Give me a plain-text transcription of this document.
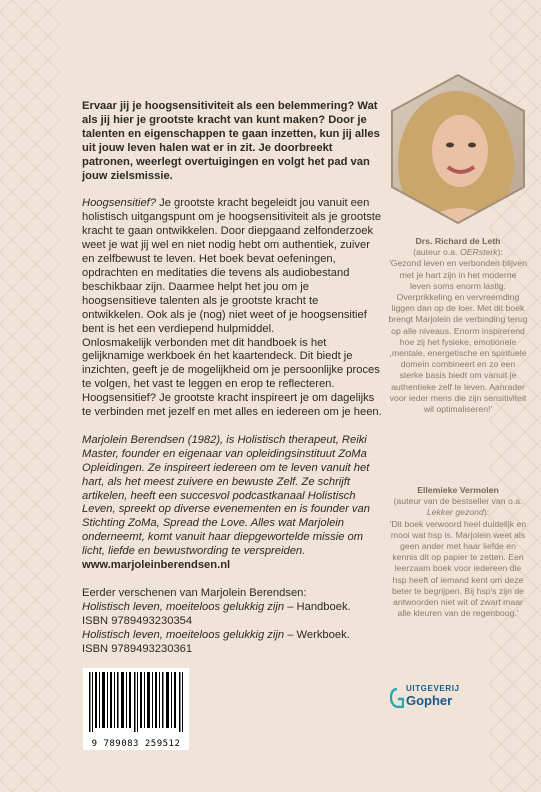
Ervaar jij je hoogsensitiviteit als een belemmering? Wat als jij hier je grootste kracht van kunt maken? Door je talenten en eigenschappen te gaan inzetten, kun jij alles uit jouw leven halen wat er in zit. Je doorbreekt patronen, weerlegt overtuigingen en volgt het pad van jouw zielsmissie.

Hoogsensitief? Je grootste kracht begeleidt jou vanuit een holistisch uitgangspunt om je hoogsensitiviteit als je grootste kracht te gaan ontwikkelen. Door diepgaand zelfonderzoek weet je wat jij wel en niet nodig hebt om authentiek, zuiver en zelfbewust te leven. Het boek bevat oefeningen, opdrachten en meditaties die tevens als audiobestand beschikbaar zijn. Daarmee helpt het jou om je hoogsensitieve talenten als je grootste kracht te ontwikkelen. Ook als je (nog) niet weet of je hoogsensitief bent is het een verdiepend hulpmiddel.
Onlosmakelijk verbonden met dit handboek is het gelijknamige werkboek én het kaartendeck. Dit biedt je inzichten, geeft je de mogelijkheid om je persoonlijke proces te volgen, het vast te leggen en erop te reflecteren. Hoogsensitief? Je grootste kracht inspireert je om dagelijks te verbinden met jezelf en met alles en iedereen om je heen.

Marjolein Berendsen (1982), is Holistisch therapeut, Reiki Master, founder en eigenaar van opleidingsinstituut ZoMa Opleidingen. Ze inspireert iedereen om te leven vanuit het hart, als het meest zuivere en bewuste Zelf. Ze schrijft artikelen, heeft een succesvol podcastkanaal Holistisch Leven, spreekt op diverse evenementen en is founder van Stichting ZoMa, Spread the Love. Alles wat Marjolein onderneemt, komt vanuit haar diepgewortelde missie om licht, liefde en bewustwording te verspreiden.
www.marjoleinberendsen.nl

Eerder verschenen van Marjolein Berendsen:
Holistisch leven, moeiteloos gelukkig zijn – Handboek.
ISBN 9789493230354
Holistisch leven, moeiteloos gelukkig zijn – Werkboek.
ISBN 9789493230361

Drs. Richard de Leth
(auteur o.a. OERsterk):
'Gezond leven en verbonden blijven met je hart zijn in het moderne leven soms enorm lastig. Overprikkeling en vervreemding liggen dan op de loer. Met dit boek brengt Marjolein de verbinding terug op alle niveaus. Enorm inspirerend hoe zij het fysieke, emotionele ,mentale, energetische en spirituele domein combineert en zo een sterke basis biedt om vanuit je authentieke zelf te leven. Aanrader voor ieder mens die zijn sensitiviteit wil optimaliseren!'
Ellemieke Vermolen
(auteur van de bestseller van o.a. Lekker gezond):
'Dit boek verwoord heel duidelijk en mooi wat hsp is. Marjolein weet als geen ander met haar liefde en kennis dit op papier te zetten. Een leerzaam boek voor iedereen die hsp heeft of iemand kent om deze beter te begrijpen. Bij hsp's zijn de antwoorden niet wit of zwart maar alle kleuren van de regenboog.'
9 789083 259512
UITGEVERIJ
Gopher
